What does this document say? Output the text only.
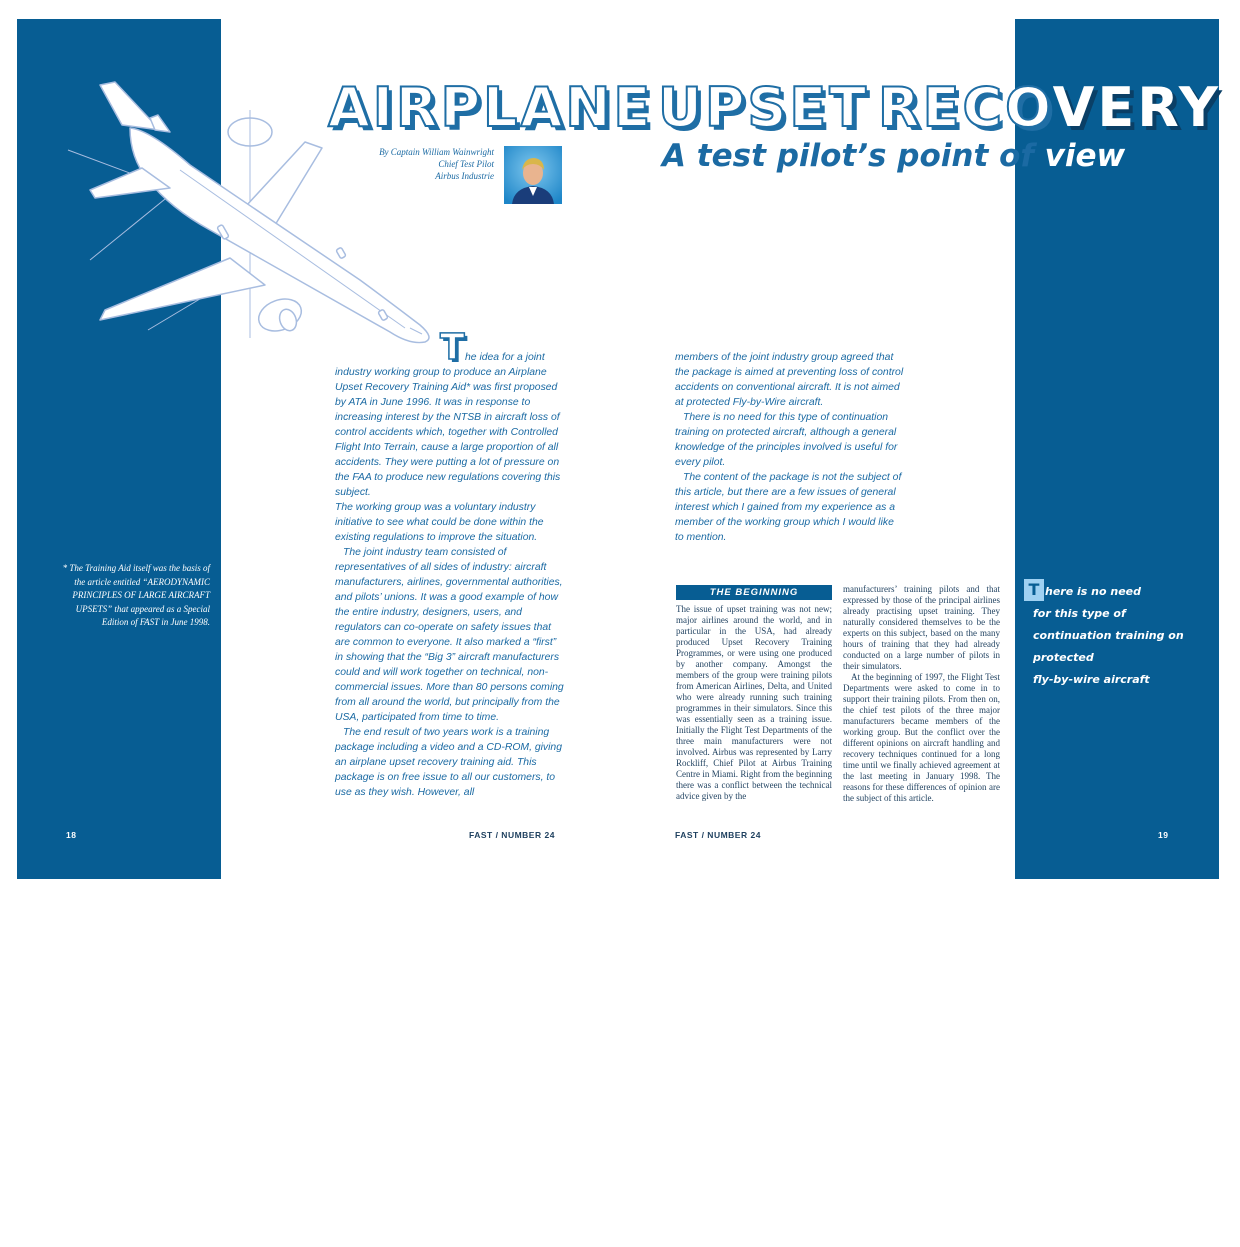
AIRPLANE UPSET RECOVERY
A test pilot’s point of view
By Captain William Wainwright
Chief Test Pilot
Airbus Industrie
T he idea for a joint industry working group to produce an Airplane Upset Recovery Training Aid* was first proposed by ATA in June 1996. It was in response to increasing interest by the NTSB in aircraft loss of control accidents which, together with Controlled Flight Into Terrain, cause a large proportion of all accidents. They were putting a lot of pressure on the FAA to produce new regulations covering this subject.

The working group was a voluntary industry initiative to see what could be done within the existing regulations to improve the situation.

The joint industry team consisted of representatives of all sides of industry: aircraft manufacturers, airlines, governmental authorities, and pilots’ unions. It was a good example of how the entire industry, designers, users, and regulators can co-operate on safety issues that are common to everyone. It also marked a “first” in showing that the “Big 3” aircraft manufacturers could and will work together on technical, non-commercial issues. More than 80 persons coming from all around the world, but principally from the USA, participated from time to time.

The end result of two years work is a training package including a video and a CD-ROM, giving an airplane upset recovery training aid. This package is on free issue to all our customers, to use as they wish. However, all

members of the joint industry group agreed that the package is aimed at preventing loss of control accidents on conventional aircraft. It is not aimed at protected Fly-by-Wire aircraft.

There is no need for this type of continuation training on protected aircraft, although a general knowledge of the principles involved is useful for every pilot.

The content of the package is not the subject of this article, but there are a few issues of general interest which I gained from my experience as a member of the working group which I would like to mention.

* The Training Aid itself was the basis of the article entitled “AERODYNAMIC PRINCIPLES OF LARGE AIRCRAFT UPSETS” that appeared as a Special Edition of FAST in June 1998.
THE BEGINNING

The issue of upset training was not new; major airlines around the world, and in particular in the USA, had already produced Upset Recovery Training Programmes, or were using one produced by another company. Amongst the members of the group were training pilots from American Airlines, Delta, and United who were already running such training programmes in their simulators. Since this was essentially seen as a training issue. Initially the Flight Test Departments of the three main manufacturers were not involved. Airbus was represented by Larry Rockliff, Chief Pilot at Airbus Training Centre in Miami. Right from the beginning there was a conflict between the technical advice given by the

manufacturers’ training pilots and that expressed by those of the principal airlines already practising upset training. They naturally considered themselves to be the experts on this subject, based on the many hours of training that they had already conducted on a large number of pilots in their simulators.

At the beginning of 1997, the Flight Test Departments were asked to come in to support their training pilots. From then on, the chief test pilots of the three major manufacturers became members of the working group. But the conflict over the different opinions on aircraft handling and recovery techniques continued for a long time until we finally achieved agreement at the last meeting in January 1998. The reasons for these differences of opinion are the subject of this article.

T here is no need
for this type of
continuation training on
protected
fly-by-wire aircraft
18	FAST / NUMBER 24	FAST / NUMBER 24	19
